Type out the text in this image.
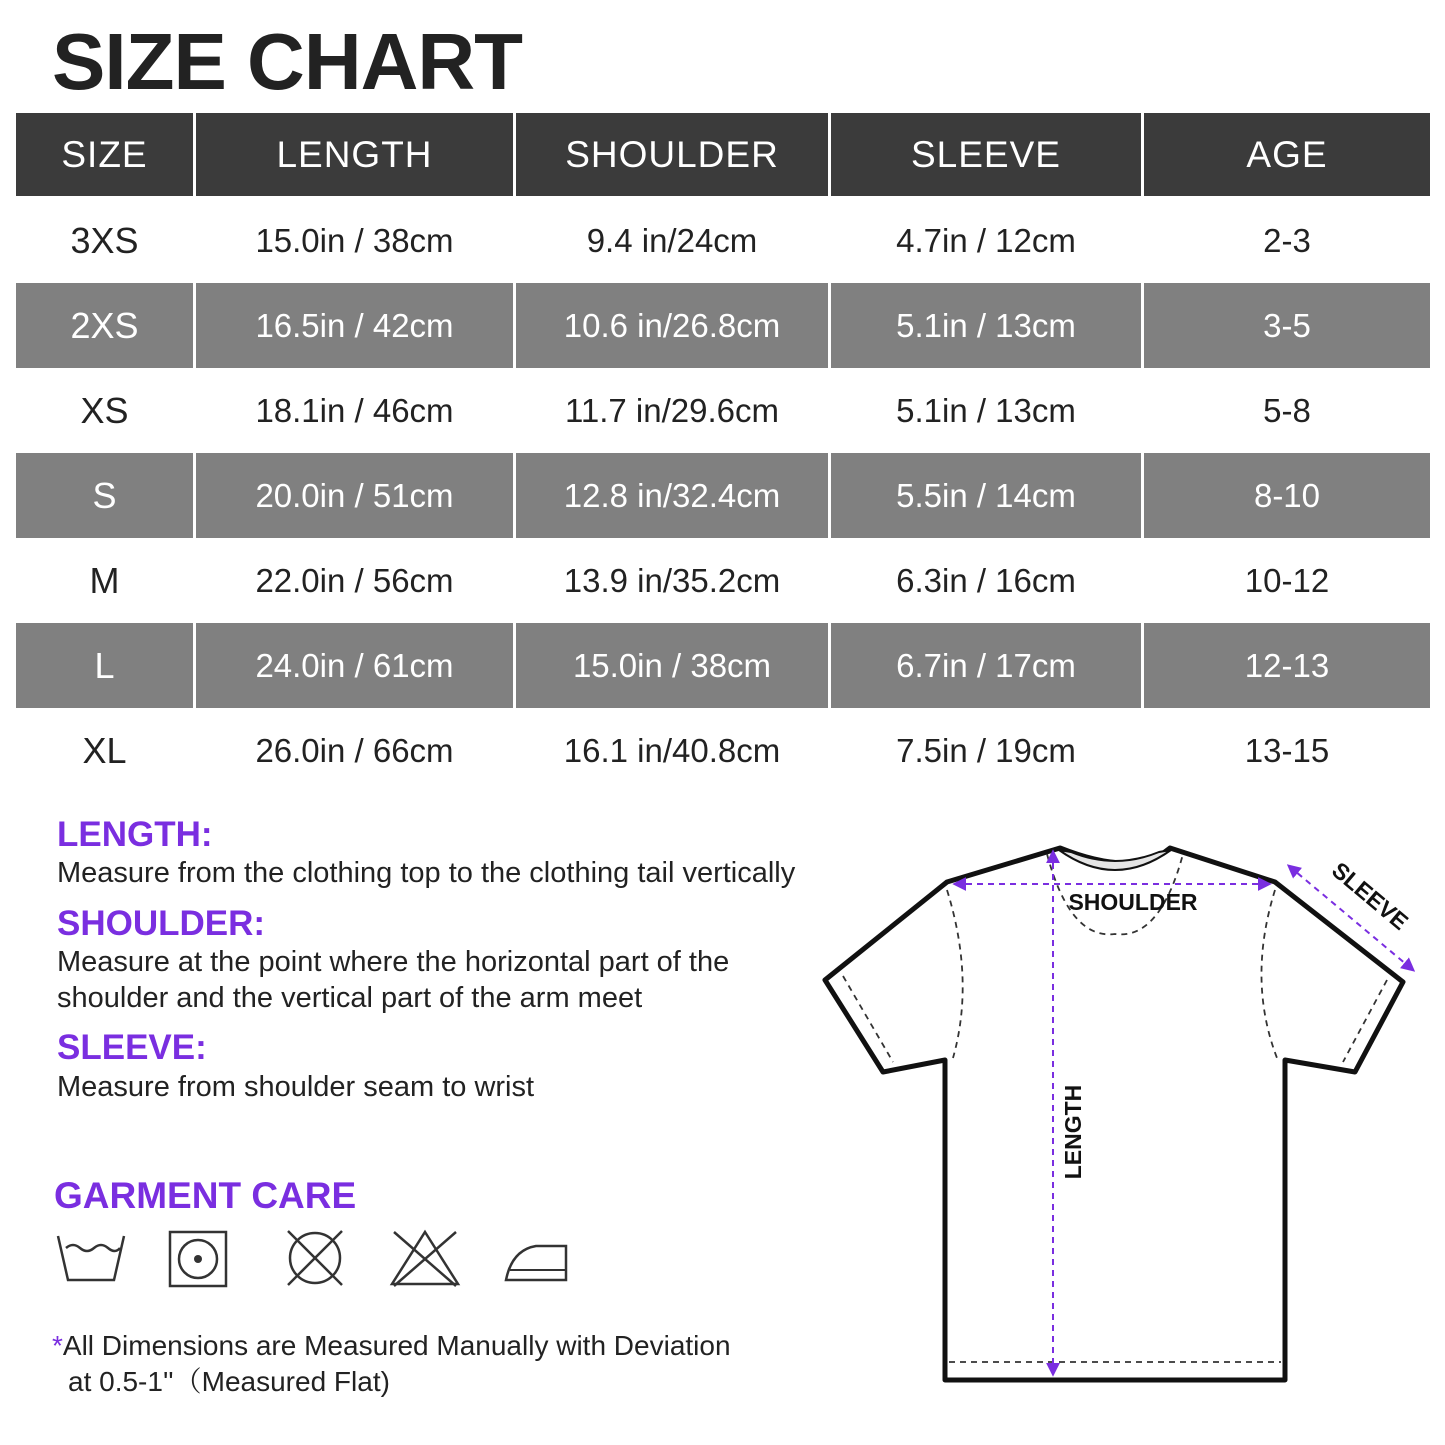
SIZE CHART
SIZE	LENGTH	SHOULDER	SLEEVE	AGE
3XS	15.0in / 38cm	9.4 in/24cm	4.7in / 12cm	2-3
2XS	16.5in / 42cm	10.6 in/26.8cm	5.1in / 13cm	3-5
XS	18.1in / 46cm	11.7 in/29.6cm	5.1in / 13cm	5-8
S	20.0in / 51cm	12.8 in/32.4cm	5.5in / 14cm	8-10
M	22.0in / 56cm	13.9 in/35.2cm	6.3in / 16cm	10-12
L	24.0in / 61cm	15.0in / 38cm	6.7in / 17cm	12-13
XL	26.0in / 66cm	16.1 in/40.8cm	7.5in / 19cm	13-15

LENGTH:

Measure from the clothing top to the clothing tail vertically

SHOULDER:

Measure at the point where the horizontal part of the

shoulder and the vertical part of the arm meet

SLEEVE:

Measure from shoulder seam to wrist

GARMENT CARE

*All Dimensions are Measured Manually with Deviation
at 0.5-1''（Measured Flat)

SHOULDER	SLEEVE
LENGTH
